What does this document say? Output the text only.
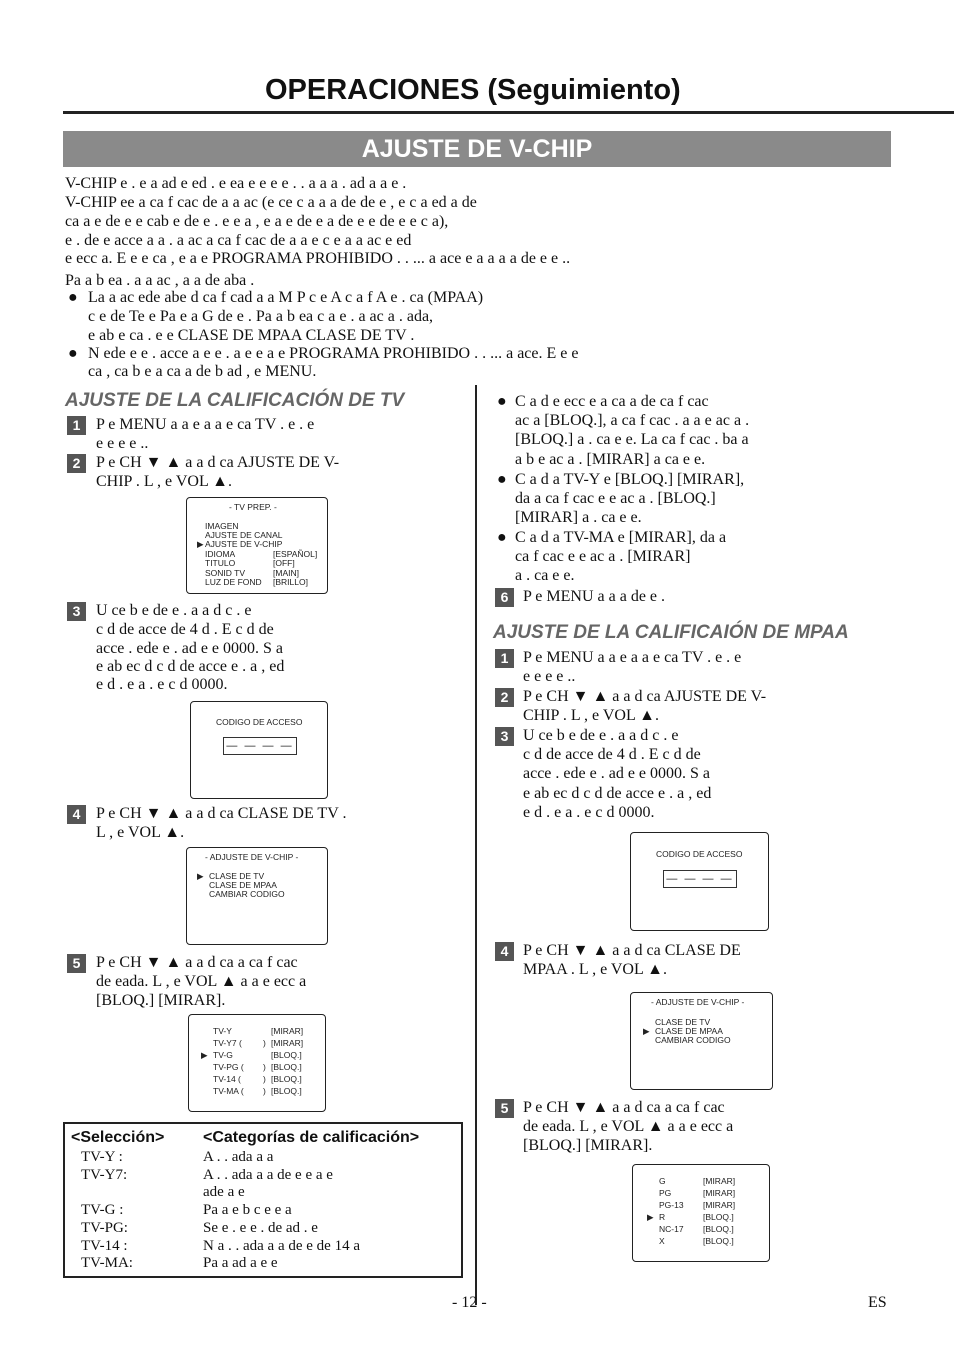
OPERACIONES (Seguimiento)
AJUSTE DE V-CHIP
V-CHIP e . e a ad e ed . e ea e e e e . . a a a . ad a a e .
V-CHIP ee a ca f cac de a a ac (e ce c a a a de de e , e c a ed a de
ca a e de e e cab e de e . e e a , e a e de e a de e e de e e c a),
e . de e acce a a . a ac a ca f cac de a a e c e a a ac e ed
e ecc a. E e e ca , e a e PROGRAMA PROHIBIDO . . ... a ace e a a a a de e e ..
Pa a b ea . a a ac , a a de aba .
● La a ac ede abe d ca f cad a a M P c e A c a f A e . ca (MPAA)
c e de Te e Pa e a G de e . Pa a b ea c a e . a ac a . ada,
e ab e ca . e e CLASE DE MPAA CLASE DE TV .
● N ede e e . acce a e e . a e e a e PROGRAMA PROHIBIDO . . ... a ace. E e e
ca , ca b e a ca a de b ad , e MENU.
AJUSTE DE LA CALIFICACIÓN DE TV
1 P e MENU a a e a a e ca TV . e . e
e e e e ..
2 P e CH ▼ ▲ a a d ca AJUSTE DE V-
CHIP . L , e VOL ▲.
- TV PREP. -
IMAGEN
AJUSTE DE CANAL
▶ AJUSTE DE V-CHIP
IDIOMA	[ESPAÑOL]
TITULO	[OFF]
SONID TV	[MAIN]
LUZ DE FOND [BRILLO]
3 U ce b e de e . a a d c . e
c d de acce de 4 d . E c d de
acce . ede e . ad e e 0000. S a
e ab ec d c d de acce e . a , ed
e d . e a . e c d 0000.
CODIGO DE ACCESO
— — — —
4 P e CH ▼ ▲ a a d ca CLASE DE TV .
L , e VOL ▲.
- ADJUSTE DE V-CHIP -
▶ CLASE DE TV
CLASE DE MPAA
CAMBIAR CODIGO
5 P e CH ▼ ▲ a a d ca a ca f cac
de eada. L , e VOL ▲ a a e ecc a
[BLOQ.] [MIRAR].
TV-Y	[MIRAR]
TV-Y7 ( ) [MIRAR]
▶ TV-G	[BLOQ.]
TV-PG ( ) [BLOQ.]
TV-14 (	) [BLOQ.]
TV-MA ( ) [BLOQ.]
<Selección> <Categorías de calificación>
TV-Y :	A . . ada a a
TV-Y7:	A . . ada a a de e e a e
ade a e
TV-G :	Pa a e b c e e a
TV-PG:	Se e . e e . de ad . e
TV-14 :	N a . . ada a a de e de 14 a
TV-MA:	Pa a ad a e e
● C a d e ecc e a ca a de ca f cac
ac a [BLOQ.], a ca f cac . a a e ac a .
[BLOQ.] a . ca e e. La ca f cac . ba a
a b e ac a . [MIRAR] a ca e e.
● C a d a TV-Y e [BLOQ.] [MIRAR],
da a ca f cac e e ac a . [BLOQ.]
[MIRAR] a . ca e e.
● C a d a TV-MA e [MIRAR], da a
ca f cac e e ac a . [MIRAR]
a . ca e e.
6 P e MENU a a a de e .
AJUSTE DE LA CALIFICAIÓN DE MPAA
1 P e MENU a a e a a e ca TV . e . e
e e e e ..
2 P e CH ▼ ▲ a a d ca AJUSTE DE V-
CHIP . L , e VOL ▲.
3 U ce b e de e . a a d c . e
c d de acce de 4 d . E c d de
acce . ede e . ad e e 0000. S a
e ab ec d c d de acce e . a , ed
e d . e a . e c d 0000.
CODIGO DE ACCESO
— — — —
4 P e CH ▼ ▲ a a d ca CLASE DE
MPAA . L , e VOL ▲.
- ADJUSTE DE V-CHIP -
CLASE DE TV
▶ CLASE DE MPAA
CAMBIAR CODIGO
5 P e CH ▼ ▲ a a d ca a ca f cac
de eada. L , e VOL ▲ a a e ecc a
[BLOQ.] [MIRAR].
G	[MIRAR]
PG	[MIRAR]
PG-13 [MIRAR]
▶ R	[BLOQ.]
NC-17 [BLOQ.]
X	[BLOQ.]
- 12 -	ES
